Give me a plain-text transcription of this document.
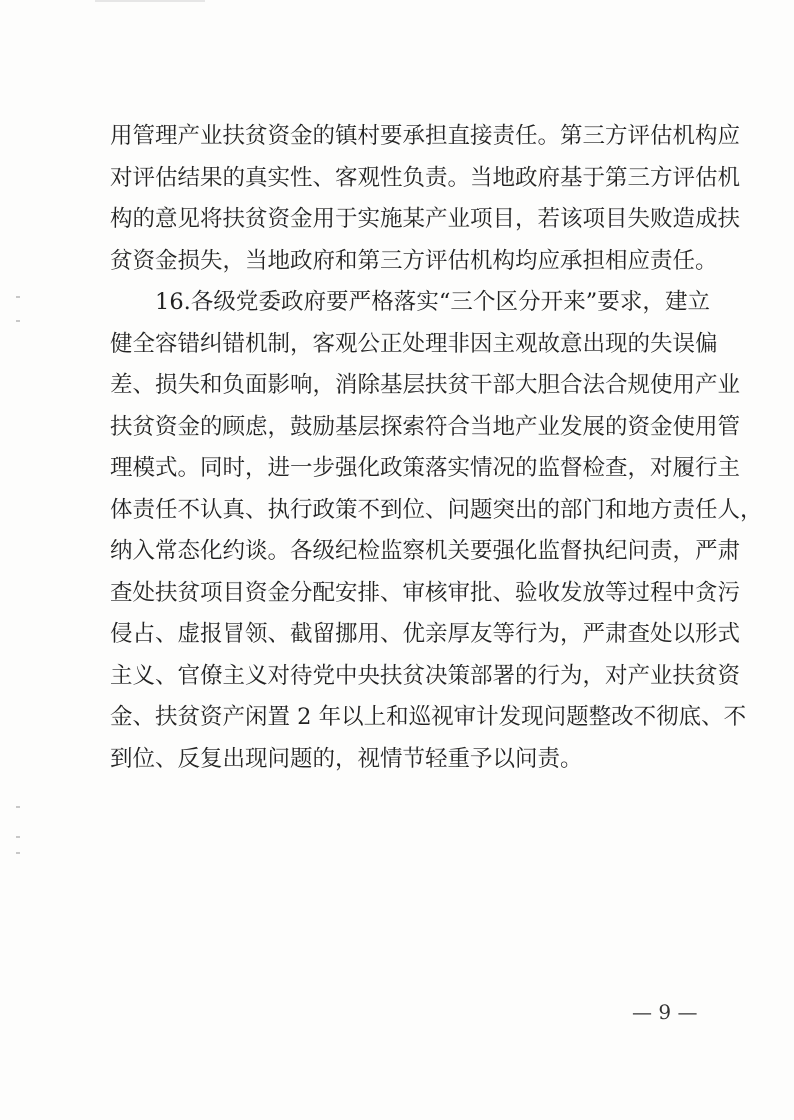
用管理产业扶贫资金的镇村要承担直接责任。第三方评估机构应
对评估结果的真实性、客观性负责。当地政府基于第三方评估机
构的意见将扶贫资金用于实施某产业项目，若该项目失败造成扶
贫资金损失，当地政府和第三方评估机构均应承担相应责任。
16.各级党委政府要严格落实“三个区分开来”要求，建立
健全容错纠错机制，客观公正处理非因主观故意出现的失误偏
差、损失和负面影响，消除基层扶贫干部大胆合法合规使用产业
扶贫资金的顾虑，鼓励基层探索符合当地产业发展的资金使用管
理模式。同时，进一步强化政策落实情况的监督检查，对履行主
体责任不认真、执行政策不到位、问题突出的部门和地方责任人，
纳入常态化约谈。各级纪检监察机关要强化监督执纪问责，严肃
查处扶贫项目资金分配安排、审核审批、验收发放等过程中贪污
侵占、虚报冒领、截留挪用、优亲厚友等行为，严肃查处以形式
主义、官僚主义对待党中央扶贫决策部署的行为，对产业扶贫资
金、扶贫资产闲置 2 年以上和巡视审计发现问题整改不彻底、不
到位、反复出现问题的，视情节轻重予以问责。
— 9 —
